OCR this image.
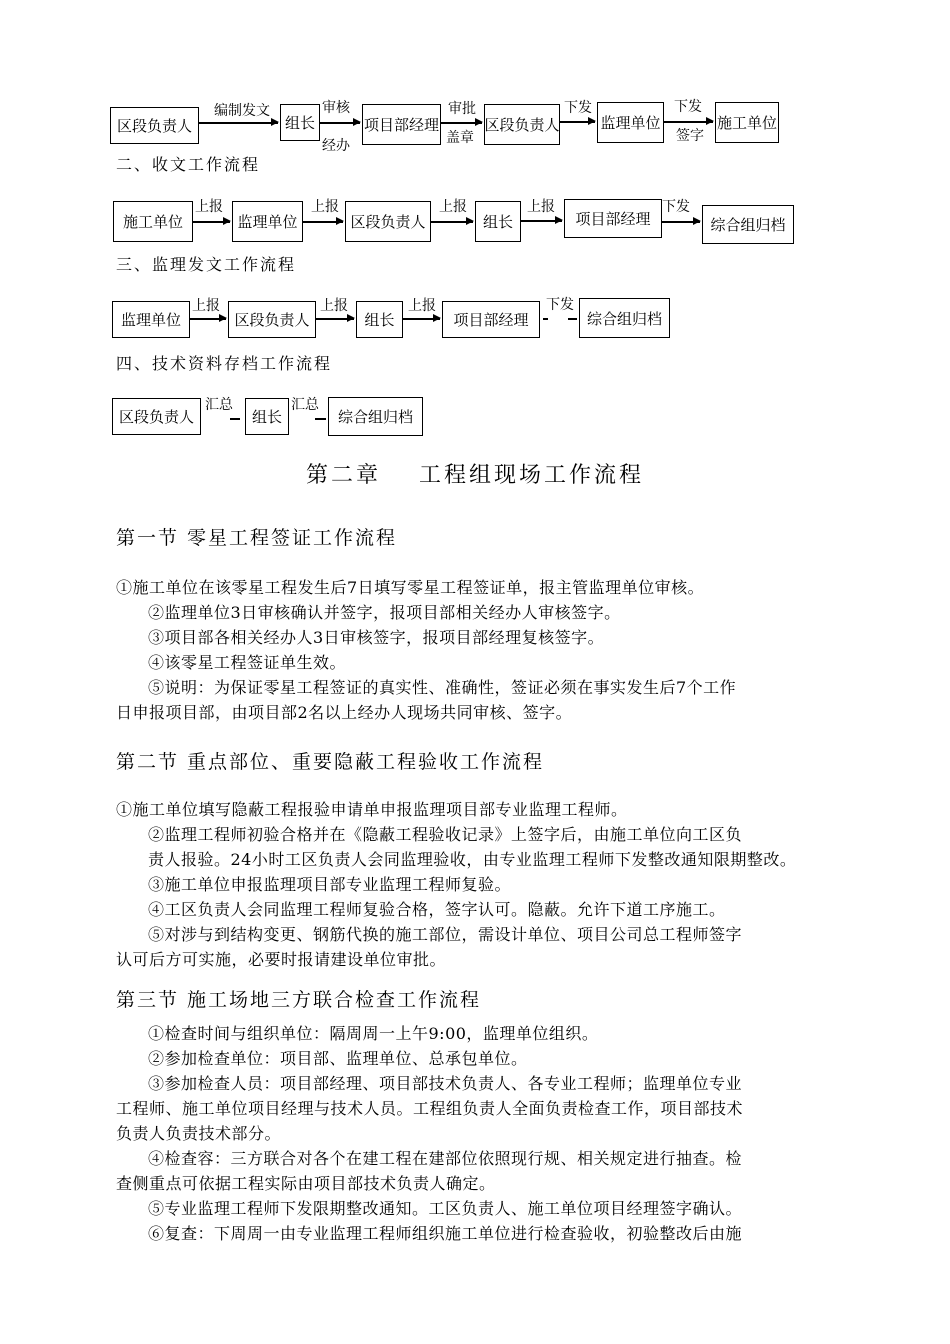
区段负责人	组长	项目部经理	区段负责人	监理单位	施工单位
编制发文	审核
经办
审批
盖章
下发	下发
签字
二、收文工作流程
施工单位	监理单位	区段负责人	组长	项目部经理	综合组归档
上报	上报	上报	上报	下发
三、监理发文工作流程
监理单位	区段负责人	组长	项目部经理	综合组归档
上报	上报	上报	下发
四、技术资料存档工作流程
区段负责人	组长	综合组归档
汇总	汇总
第二章 工程组现场工作流程
第一节 零星工程签证工作流程
①施工单位在该零星工程发生后7日填写零星工程签证单，报主管监理单位审核。
②监理单位3日审核确认并签字，报项目部相关经办人审核签字。
③项目部各相关经办人3日审核签字，报项目部经理复核签字。
④该零星工程签证单生效。
⑤说明：为保证零星工程签证的真实性、准确性，签证必须在事实发生后7个工作
日申报项目部，由项目部2名以上经办人现场共同审核、签字。
第二节 重点部位、重要隐蔽工程验收工作流程
①施工单位填写隐蔽工程报验申请单申报监理项目部专业监理工程师。
②监理工程师初验合格并在《隐蔽工程验收记录》上签字后，由施工单位向工区负
责人报验。24小时工区负责人会同监理验收，由专业监理工程师下发整改通知限期整改。
③施工单位申报监理项目部专业监理工程师复验。
④工区负责人会同监理工程师复验合格，签字认可。隐蔽。允许下道工序施工。
⑤对涉与到结构变更、钢筋代换的施工部位，需设计单位、项目公司总工程师签字
认可后方可实施，必要时报请建设单位审批。
第三节 施工场地三方联合检查工作流程
①检查时间与组织单位：隔周周一上午9:00，监理单位组织。
②参加检查单位：项目部、监理单位、总承包单位。
③参加检查人员：项目部经理、项目部技术负责人、各专业工程师；监理单位专业
工程师、施工单位项目经理与技术人员。工程组负责人全面负责检查工作，项目部技术
负责人负责技术部分。
④检查容：三方联合对各个在建工程在建部位依照现行规、相关规定进行抽查。检
查侧重点可依据工程实际由项目部技术负责人确定。
⑤专业监理工程师下发限期整改通知。工区负责人、施工单位项目经理签字确认。
⑥复查：下周周一由专业监理工程师组织施工单位进行检查验收，初验整改后由施
